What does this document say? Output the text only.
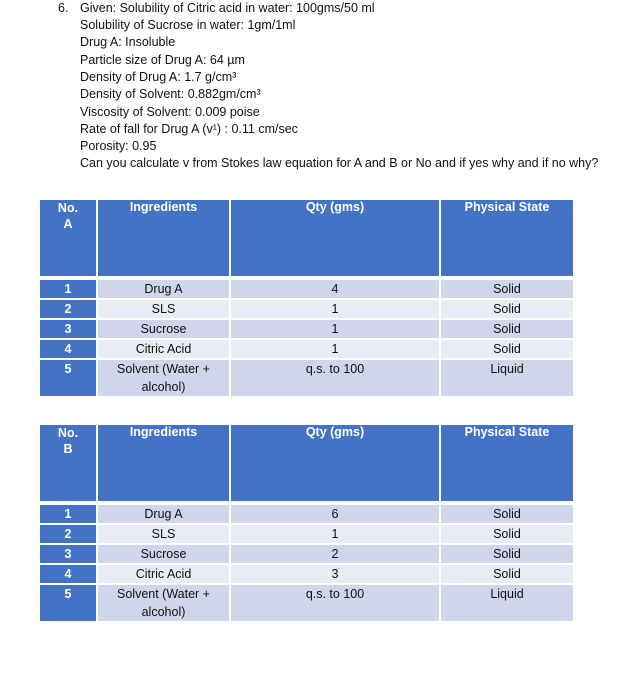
6. Given: Solubility of Citric acid in water: 100gms/50 ml
Solubility of Sucrose in water: 1gm/1ml
Drug A: Insoluble
Particle size of Drug A: 64 µm
Density of Drug A: 1.7 g/cm³
Density of Solvent: 0.882gm/cm³
Viscosity of Solvent: 0.009 poise
Rate of fall for Drug A (v¹) : 0.11 cm/sec
Porosity: 0.95
Can you calculate v from Stokes law equation for A and B or No and if yes why and if no why?
No.
A	Ingredients	Qty (gms)	Physical State
1	Drug A	4	Solid
2	SLS	1	Solid
3	Sucrose	1	Solid
4	Citric Acid	1	Solid
5	Solvent (Water + alcohol)	q.s. to 100	Liquid
No.
B	Ingredients	Qty (gms)	Physical State
1	Drug A	6	Solid
2	SLS	1	Solid
3	Sucrose	2	Solid
4	Citric Acid	3	Solid
5	Solvent (Water + alcohol)	q.s. to 100	Liquid
